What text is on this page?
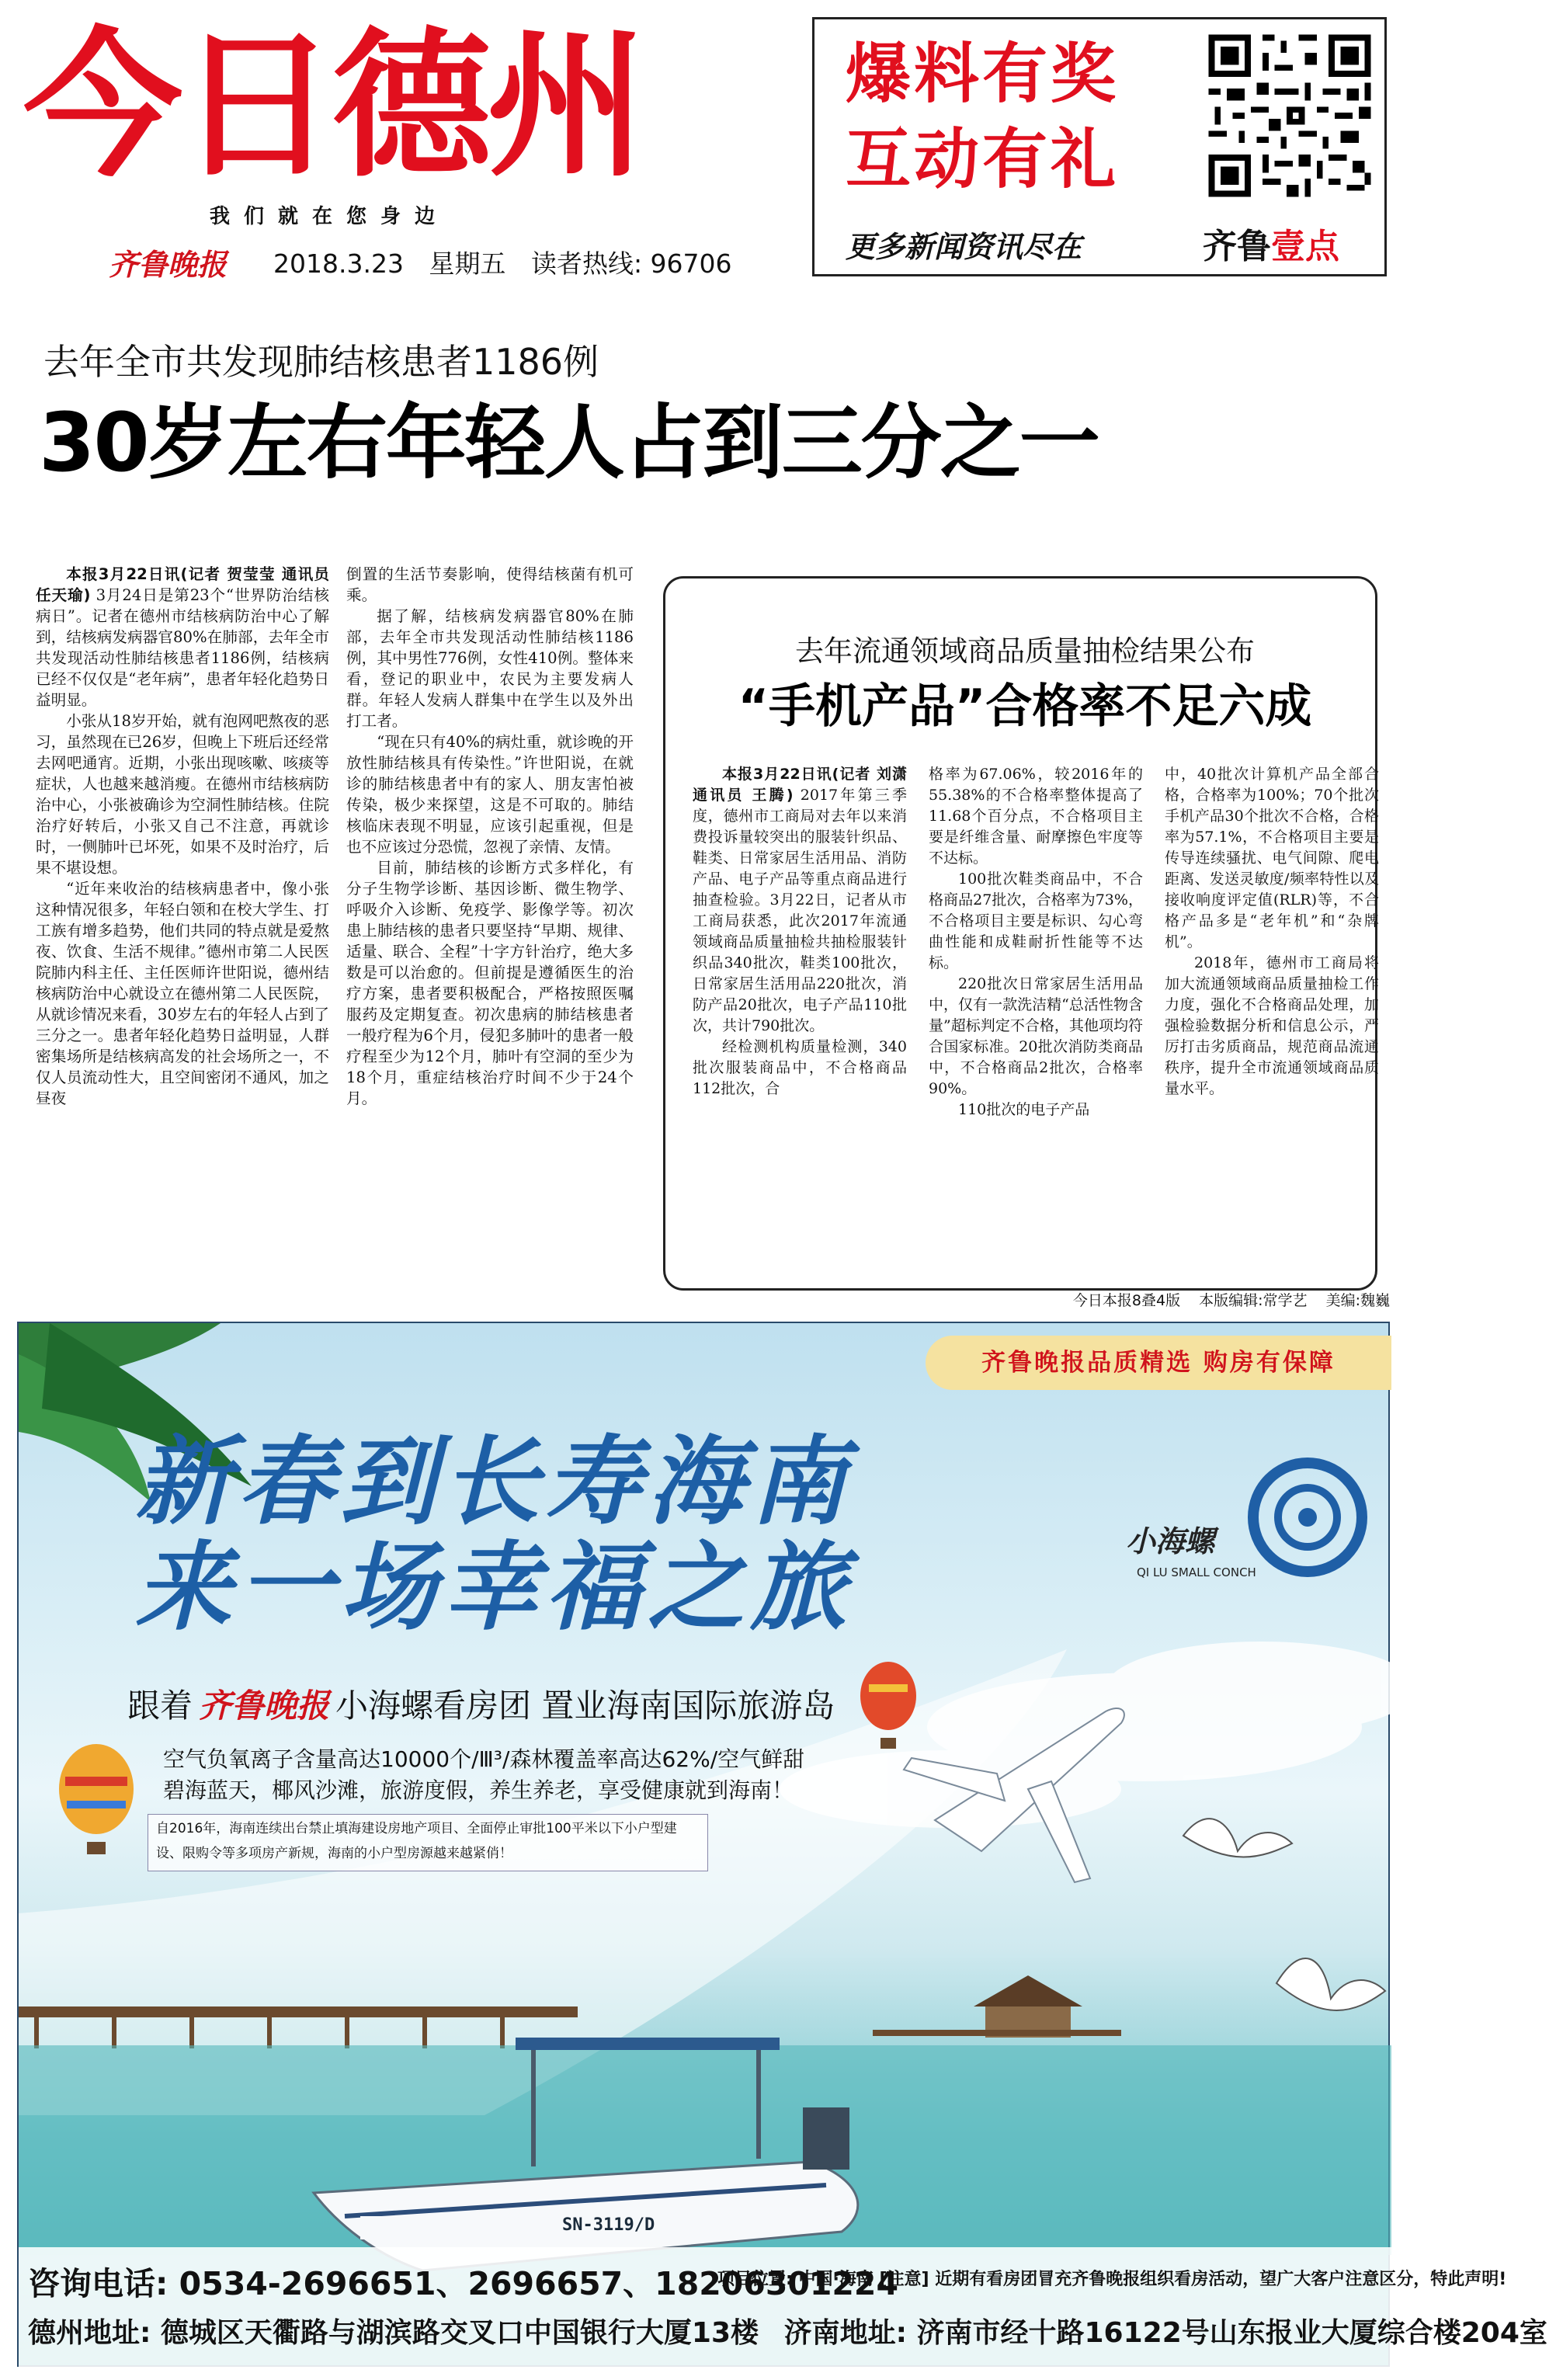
今日德州
我们就在您身边
齐鲁晚报	2018.3.23 星期五 读者热线: 96706
爆料有奖
互动有礼
更多新闻资讯尽在	齐鲁壹点
去年全市共发现肺结核患者1186例
30岁左右年轻人占到三分之一

本报3月22日讯(记者 贺莹莹 通讯员 任天瑜) 3月24日是第23个“世界防治结核病日”。记者在德州市结核病防治中心了解到，结核病发病器官80%在肺部，去年全市共发现活动性肺结核患者1186例，结核病已经不仅仅是“老年病”，患者年轻化趋势日益明显。

小张从18岁开始，就有泡网吧熬夜的恶习，虽然现在已26岁，但晚上下班后还经常去网吧通宵。近期，小张出现咳嗽、咳痰等症状，人也越来越消瘦。在德州市结核病防治中心，小张被确诊为空洞性肺结核。住院治疗好转后，小张又自己不注意，再就诊时，一侧肺叶已坏死，如果不及时治疗，后果不堪设想。

“近年来收治的结核病患者中，像小张这种情况很多，年轻白领和在校大学生、打工族有增多趋势，他们共同的特点就是爱熬夜、饮食、生活不规律。”德州市第二人民医院肺内科主任、主任医师许世阳说，德州结核病防治中心就设立在德州第二人民医院，从就诊情况来看，30岁左右的年轻人占到了三分之一。患者年轻化趋势日益明显，人群密集场所是结核病高发的社会场所之一，不仅人员流动性大，且空间密闭不通风，加之昼夜

倒置的生活节奏影响，使得结核菌有机可乘。

据了解，结核病发病器官80%在肺部，去年全市共发现活动性肺结核1186例，其中男性776例，女性410例。整体来看，登记的职业中，农民为主要发病人群。年轻人发病人群集中在学生以及外出打工者。

“现在只有40%的病灶重，就诊晚的开放性肺结核具有传染性。”许世阳说，在就诊的肺结核患者中有的家人、朋友害怕被传染，极少来探望，这是不可取的。肺结核临床表现不明显，应该引起重视，但是也不应该过分恐慌，忽视了亲情、友情。

目前，肺结核的诊断方式多样化，有分子生物学诊断、基因诊断、微生物学、呼吸介入诊断、免疫学、影像学等。初次患上肺结核的患者只要坚持“早期、规律、适量、联合、全程”十字方针治疗，绝大多数是可以治愈的。但前提是遵循医生的治疗方案，患者要积极配合，严格按照医嘱服药及定期复查。初次患病的肺结核患者一般疗程为6个月，侵犯多肺叶的患者一般疗程至少为12个月，肺叶有空洞的至少为18个月，重症结核治疗时间不少于24个月。

去年流通领域商品质量抽检结果公布
“手机产品”合格率不足六成

本报3月22日讯(记者 刘潇 通讯员 王腾) 2017年第三季度，德州市工商局对去年以来消费投诉量较突出的服装针织品、鞋类、日常家居生活用品、消防产品、电子产品等重点商品进行抽查检验。3月22日，记者从市工商局获悉，此次2017年流通领域商品质量抽检共抽检服装针织品340批次，鞋类100批次，日常家居生活用品220批次，消防产品20批次，电子产品110批次，共计790批次。

经检测机构质量检测，340批次服装商品中，不合格商品112批次，合

格率为67.06%，较2016年的55.38%的不合格率整体提高了11.68个百分点，不合格项目主要是纤维含量、耐摩擦色牢度等不达标。

100批次鞋类商品中，不合格商品27批次，合格率为73%，不合格项目主要是标识、勾心弯曲性能和成鞋耐折性能等不达标。

220批次日常家居生活用品中，仅有一款洗洁精“总活性物含量”超标判定不合格，其他项均符合国家标准。20批次消防类商品中，不合格商品2批次，合格率90%。

110批次的电子产品

中，40批次计算机产品全部合格，合格率为100%；70个批次手机产品30个批次不合格，合格率为57.1%，不合格项目主要是传导连续骚扰、电气间隙、爬电距离、发送灵敏度/频率特性以及接收响度评定值(RLR)等，不合格产品多是“老年机”和“杂牌机”。

2018年，德州市工商局将加大流通领域商品质量抽检工作力度，强化不合格商品处理，加强检验数据分析和信息公示，严厉打击劣质商品，规范商品流通秩序，提升全市流通领域商品质量水平。

今日本报8叠4版 本版编辑:常学艺 美编:魏巍
SN-3119/D
齐鲁晚报品质精选 购房有保障
新春到长寿海南
来一场幸福之旅	小海螺
QI LU SMALL CONCH
跟着 齐鲁晚报 小海螺看房团 置业海南国际旅游岛
空气负氧离子含量高达10000个/Ⅲ³/森林覆盖率高达62%/空气鲜甜
碧海蓝天，椰风沙滩，旅游度假，养生养老，享受健康就到海南！
自2016年，海南连续出台禁止填海建设房地产项目、全面停止审批100平米以下小户型建设、限购令等多项房产新规，海南的小户型房源越来越紧俏！
咨询电话: 0534-2696651、2696657、18206301224
项目位置: 中国·海南 [注意] 近期有看房团冒充齐鲁晚报组织看房活动，望广大客户注意区分，特此声明!
德州地址: 德城区天衢路与湖滨路交叉口中国银行大厦13楼 济南地址: 济南市经十路16122号山东报业大厦综合楼204室
